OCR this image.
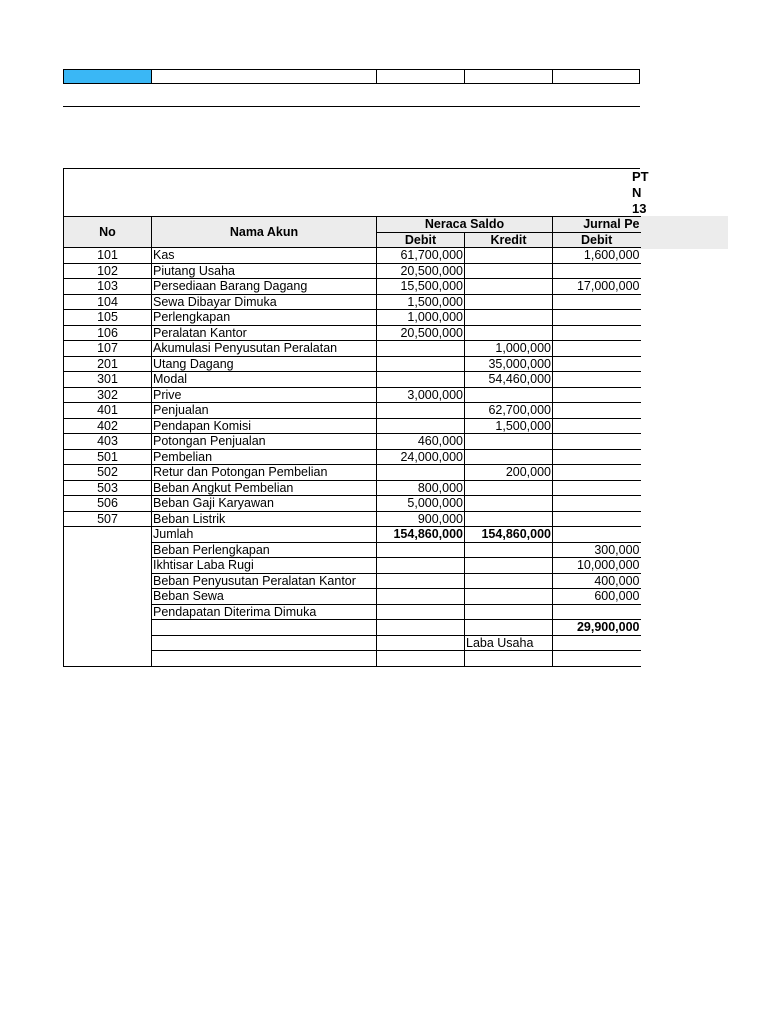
PT
N
13
No	Nama Akun	Neraca Saldo		Jurnal Pe
		Debit	Kredit	Debit
101	Kas	61,700,000		1,600,000
102	Piutang Usaha	20,500,000		
103	Persediaan Barang Dagang	15,500,000		17,000,000
104	Sewa Dibayar Dimuka	1,500,000		
105	Perlengkapan	1,000,000		
106	Peralatan Kantor	20,500,000		
107	Akumulasi Penyusutan Peralatan		1,000,000	
201	Utang Dagang		35,000,000	
301	Modal		54,460,000	
302	Prive	3,000,000		
401	Penjualan		62,700,000	
402	Pendapan Komisi		1,500,000	
403	Potongan Penjualan	460,000		
501	Pembelian	24,000,000		
502	Retur dan Potongan Pembelian		200,000	
503	Beban Angkut Pembelian	800,000		
506	Beban Gaji Karyawan	5,000,000		
507	Beban Listrik	900,000		
	Jumlah	154,860,000	154,860,000	
	Beban Perlengkapan			300,000
	Ikhtisar Laba Rugi			10,000,000
	Beban Penyusutan Peralatan Kantor			400,000
	Beban Sewa			600,000
	Pendapatan Diterima Dimuka			
				29,900,000
			Laba Usaha	
